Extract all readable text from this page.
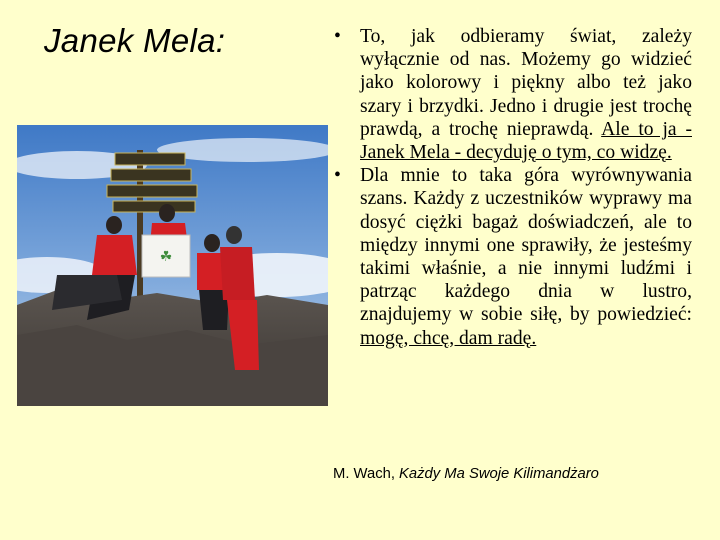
Janek Mela:
☘
• To, jak odbieramy świat, zależy wyłącznie od nas. Możemy go widzieć jako kolorowy i piękny albo też jako szary i brzydki. Jedno i drugie jest trochę prawdą, a trochę nieprawdą. Ale to ja - Janek Mela - decyduję o tym, co widzę.
• Dla mnie to taka góra wyrównywania szans. Każdy z uczestników wyprawy ma dosyć ciężki bagaż doświadczeń, ale to między innymi one sprawiły, że jesteśmy takimi właśnie, a nie innymi ludźmi i patrząc każdego dnia w lustro, znajdujemy w sobie siłę, by powiedzieć: mogę, chcę, dam radę.
M. Wach, Każdy Ma Swoje Kilimandżaro
